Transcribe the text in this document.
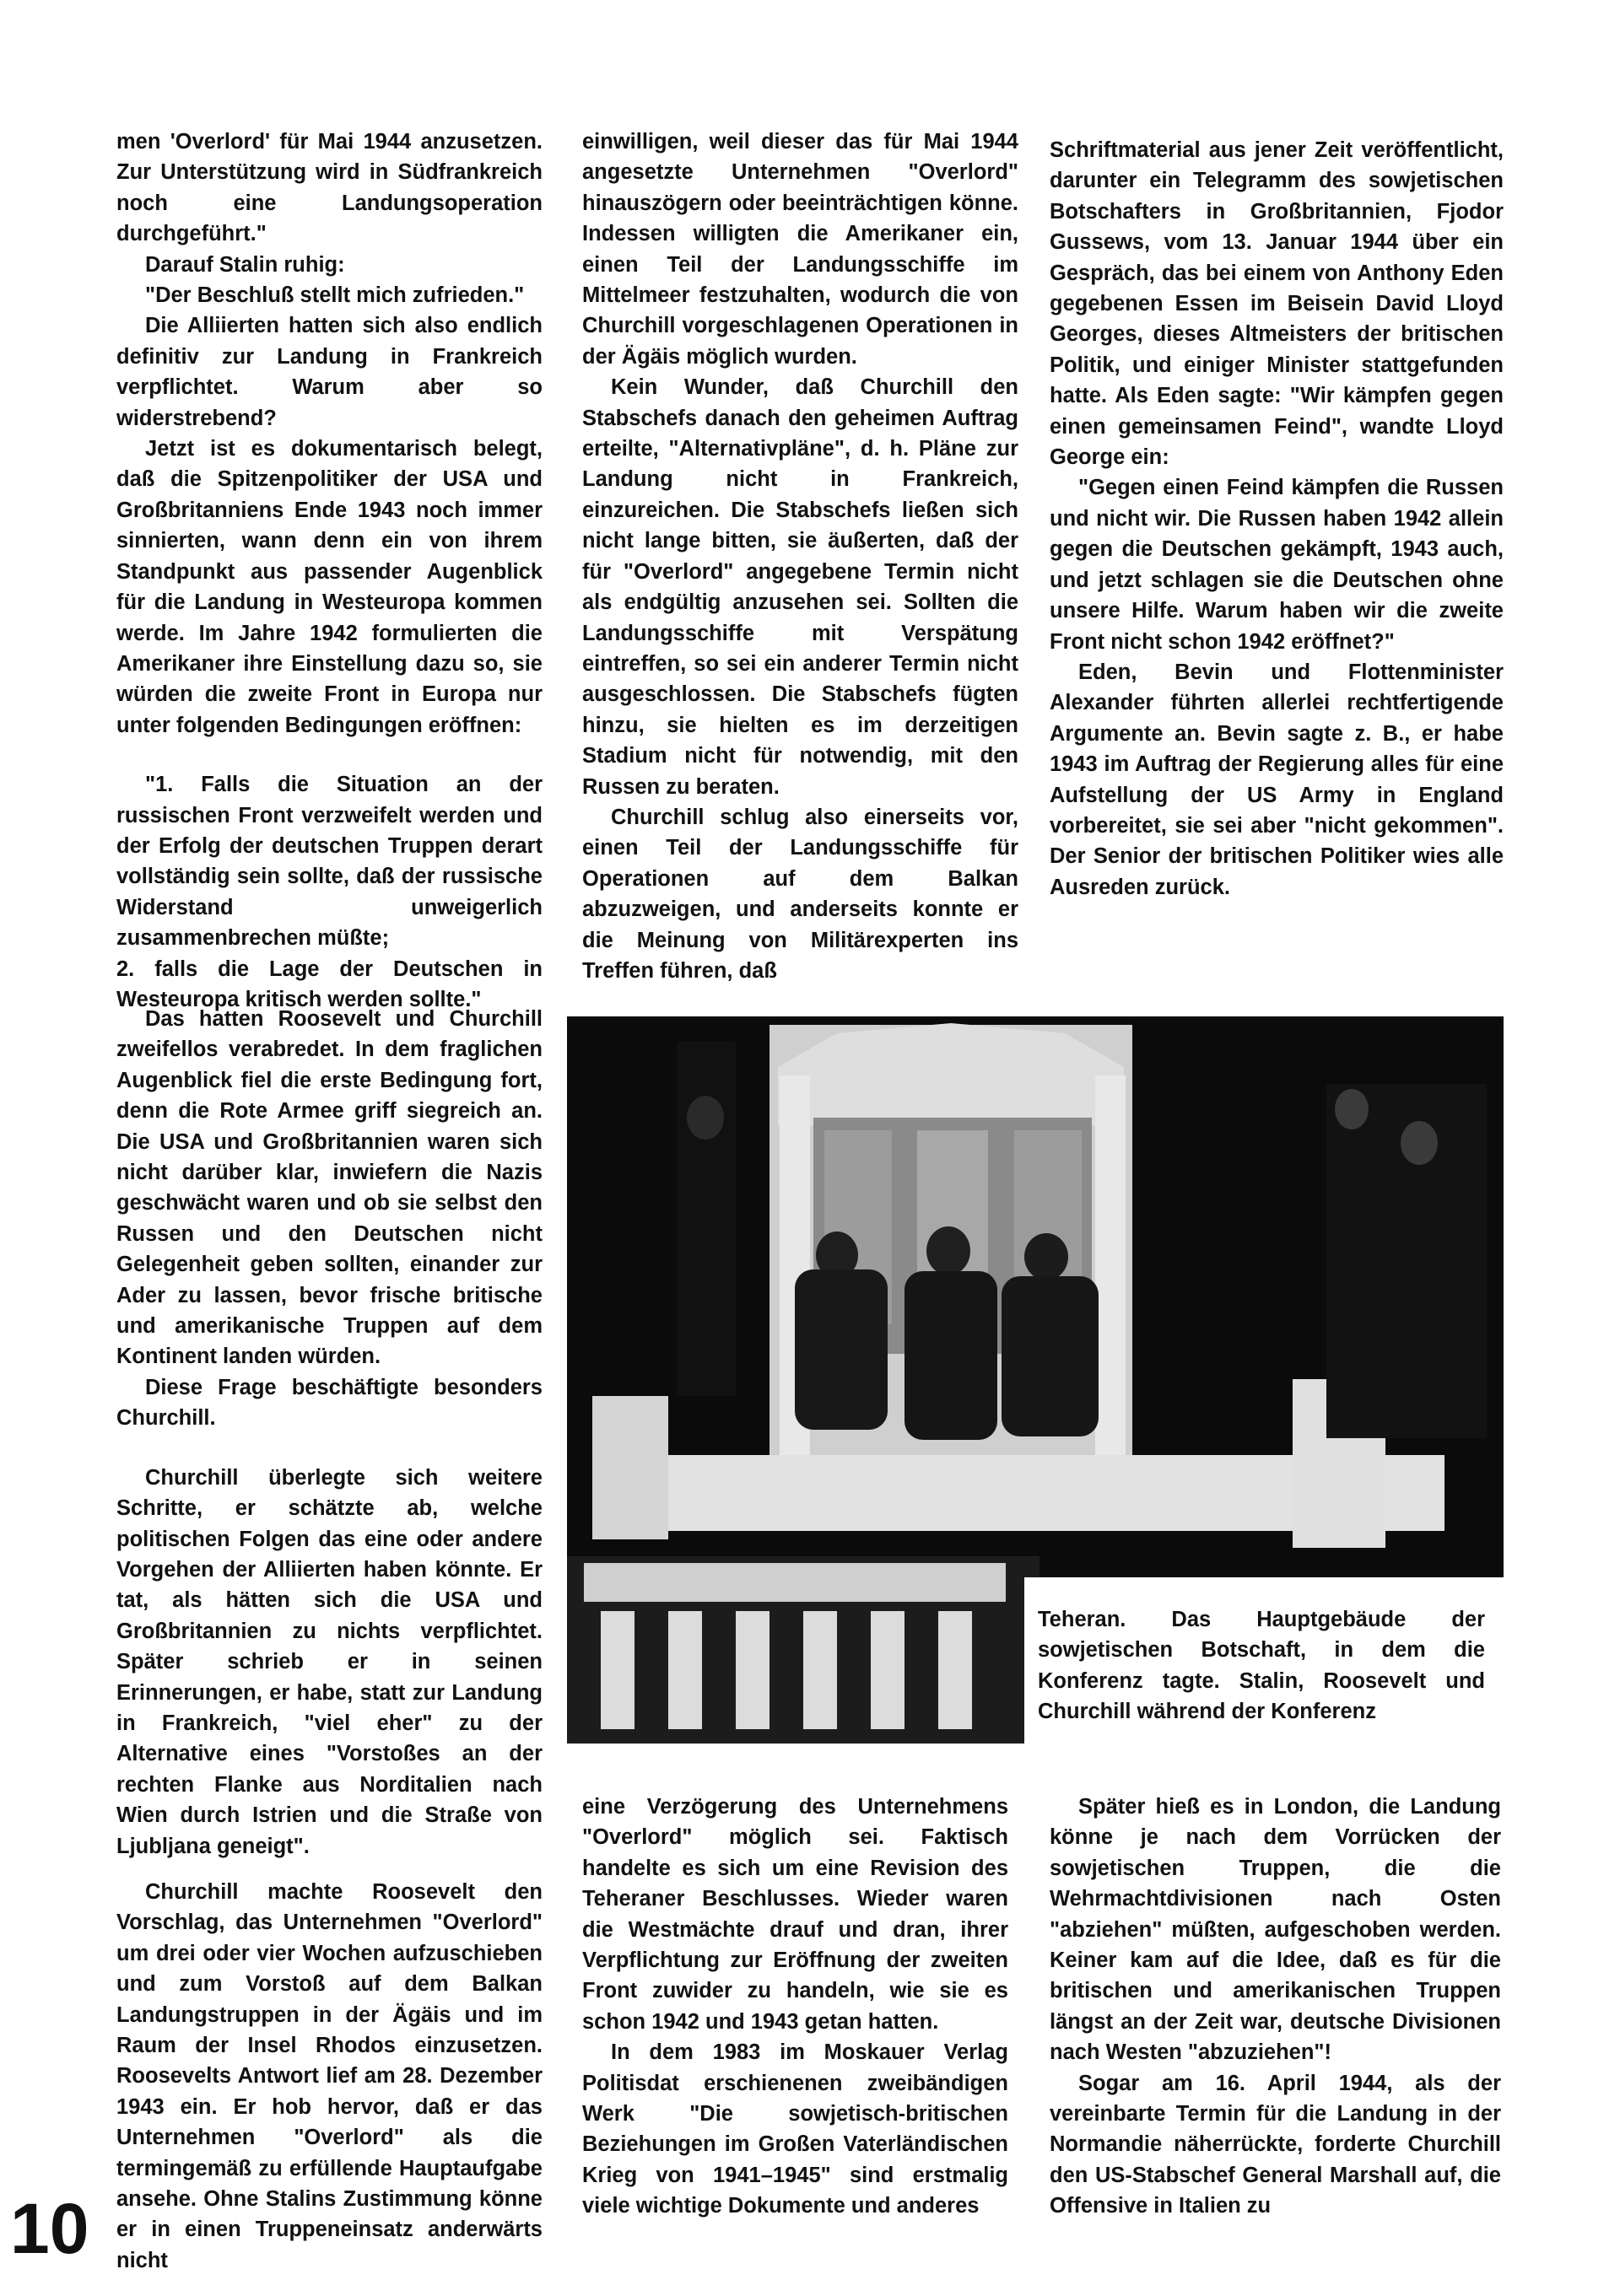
men 'Overlord' für Mai 1944 anzusetzen. Zur Unterstützung wird in Südfrankreich noch eine Landungsoperation durchgeführt."

Darauf Stalin ruhig:

"Der Beschluß stellt mich zufrieden."

Die Alliierten hatten sich also endlich definitiv zur Landung in Frankreich verpflichtet. Warum aber so widerstrebend?

Jetzt ist es dokumentarisch belegt, daß die Spitzenpolitiker der USA und Großbritanniens Ende 1943 noch immer sinnierten, wann denn ein von ihrem Standpunkt aus passender Augenblick für die Landung in Westeuropa kommen werde. Im Jahre 1942 formulierten die Amerikaner ihre Einstellung dazu so, sie würden die zweite Front in Europa nur unter folgenden Bedingungen eröffnen:

"1. Falls die Situation an der russischen Front verzweifelt werden und der Erfolg der deutschen Truppen derart vollständig sein sollte, daß der russische Widerstand unweigerlich zusammenbrechen müßte;

2. falls die Lage der Deutschen in Westeuropa kritisch werden sollte."

Das hatten Roosevelt und Churchill zweifellos verabredet. In dem fraglichen Augenblick fiel die erste Bedingung fort, denn die Rote Armee griff siegreich an. Die USA und Großbritannien waren sich nicht darüber klar, inwiefern die Nazis geschwächt waren und ob sie selbst den Russen und den Deutschen nicht Gelegenheit geben sollten, einander zur Ader zu lassen, bevor frische britische und amerikanische Truppen auf dem Kontinent landen würden.

Diese Frage beschäftigte besonders Churchill.

Churchill überlegte sich weitere Schritte, er schätzte ab, welche politischen Folgen das eine oder andere Vorgehen der Alliierten haben könnte. Er tat, als hätten sich die USA und Großbritannien zu nichts verpflichtet. Später schrieb er in seinen Erinnerungen, er habe, statt zur Landung in Frankreich, "viel eher" zu der Alternative eines "Vorstoßes an der rechten Flanke aus Norditalien nach Wien durch Istrien und die Straße von Ljubljana geneigt".

Churchill machte Roosevelt den Vorschlag, das Unternehmen "Overlord" um drei oder vier Wochen aufzuschieben und zum Vorstoß auf dem Balkan Landungstruppen in der Ägäis und im Raum der Insel Rhodos einzusetzen. Roosevelts Antwort lief am 28. Dezember 1943 ein. Er hob hervor, daß er das Unternehmen "Overlord" als die termingemäß zu erfüllende Hauptaufgabe ansehe. Ohne Stalins Zustimmung könne er in einen Truppeneinsatz anderwärts nicht

einwilligen, weil dieser das für Mai 1944 angesetzte Unternehmen "Overlord" hinauszögern oder beeinträchtigen könne. Indessen willigten die Amerikaner ein, einen Teil der Landungsschiffe im Mittelmeer festzuhalten, wodurch die von Churchill vorgeschlagenen Operationen in der Ägäis möglich wurden.

Kein Wunder, daß Churchill den Stabschefs danach den geheimen Auftrag erteilte, "Alternativpläne", d. h. Pläne zur Landung nicht in Frankreich, einzureichen. Die Stabschefs ließen sich nicht lange bitten, sie äußerten, daß der für "Overlord" angegebene Termin nicht als endgültig anzusehen sei. Sollten die Landungsschiffe mit Verspätung eintreffen, so sei ein anderer Termin nicht ausgeschlossen. Die Stabschefs fügten hinzu, sie hielten es im derzeitigen Stadium nicht für notwendig, mit den Russen zu beraten.

Churchill schlug also einerseits vor, einen Teil der Landungsschiffe für Operationen auf dem Balkan abzuzweigen, und anderseits konnte er die Meinung von Militärexperten ins Treffen führen, daß

Schriftmaterial aus jener Zeit veröffentlicht, darunter ein Telegramm des sowjetischen Botschafters in Großbritannien, Fjodor Gussews, vom 13. Januar 1944 über ein Gespräch, das bei einem von Anthony Eden gegebenen Essen im Beisein David Lloyd Georges, dieses Altmeisters der britischen Politik, und einiger Minister stattgefunden hatte. Als Eden sagte: "Wir kämpfen gegen einen gemeinsamen Feind", wandte Lloyd George ein:

"Gegen einen Feind kämpfen die Russen und nicht wir. Die Russen haben 1942 allein gegen die Deutschen gekämpft, 1943 auch, und jetzt schlagen sie die Deutschen ohne unsere Hilfe. Warum haben wir die zweite Front nicht schon 1942 eröffnet?"

Eden, Bevin und Flottenminister Alexander führten allerlei rechtfertigende Argumente an. Bevin sagte z. B., er habe 1943 im Auftrag der Regierung alles für eine Aufstellung der US Army in England vorbereitet, sie sei aber "nicht gekommen". Der Senior der britischen Politiker wies alle Ausreden zurück.

Teheran. Das Hauptgebäude der sowjetischen Botschaft, in dem die Konferenz tagte. Stalin, Roosevelt und Churchill während der Konferenz

eine Verzögerung des Unternehmens "Overlord" möglich sei. Faktisch handelte es sich um eine Revision des Teheraner Beschlusses. Wieder waren die Westmächte drauf und dran, ihrer Verpflichtung zur Eröffnung der zweiten Front zuwider zu handeln, wie sie es schon 1942 und 1943 getan hatten.

In dem 1983 im Moskauer Verlag Politisdat erschienenen zweibändigen Werk "Die sowjetisch-britischen Beziehungen im Großen Vaterländischen Krieg von 1941–1945" sind erstmalig viele wichtige Dokumente und anderes

Später hieß es in London, die Landung könne je nach dem Vorrücken der sowjetischen Truppen, die die Wehrmachtdivisionen nach Osten "abziehen" müßten, aufgeschoben werden. Keiner kam auf die Idee, daß es für die britischen und amerikanischen Truppen längst an der Zeit war, deutsche Divisionen nach Westen "abzuziehen"!

Sogar am 16. April 1944, als der vereinbarte Termin für die Landung in der Normandie näherrückte, forderte Churchill den US-Stabschef General Marshall auf, die Offensive in Italien zu

10
